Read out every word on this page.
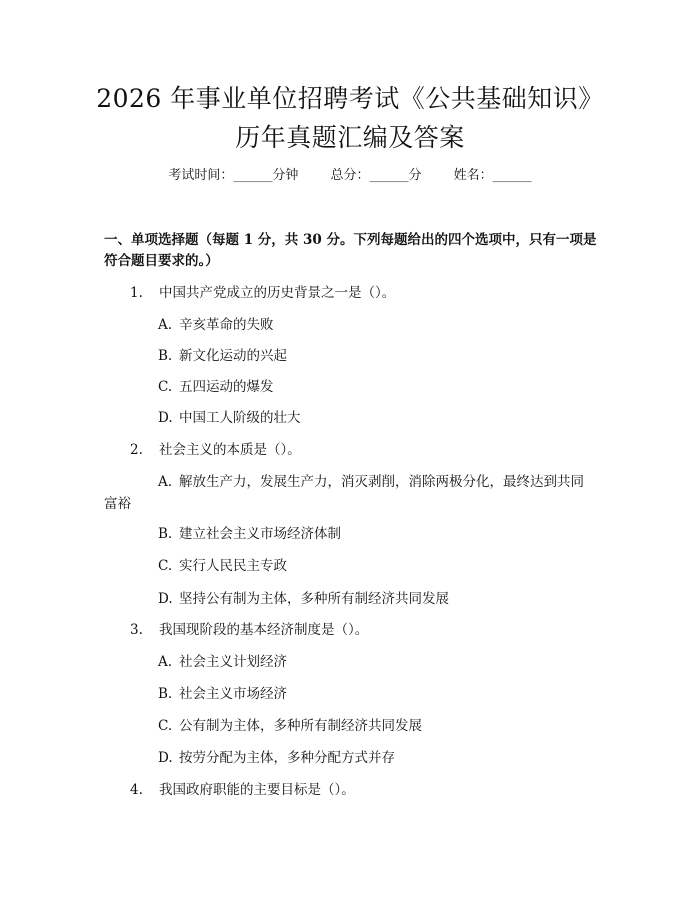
2026 年事业单位招聘考试《公共基础知识》
历年真题汇编及答案
考试时间：______分钟 总分：______分 姓名：______
一、单项选择题（每题 1 分，共 30 分。下列每题给出的四个选项中，只有一项是
符合题目要求的。）
1. 中国共产党成立的历史背景之一是（）。
A. 辛亥革命的失败
B. 新文化运动的兴起
C. 五四运动的爆发
D. 中国工人阶级的壮大
2. 社会主义的本质是（）。
A. 解放生产力，发展生产力，消灭剥削，消除两极分化，最终达到共同
富裕
B. 建立社会主义市场经济体制
C. 实行人民民主专政
D. 坚持公有制为主体，多种所有制经济共同发展
3. 我国现阶段的基本经济制度是（）。
A. 社会主义计划经济
B. 社会主义市场经济
C. 公有制为主体，多种所有制经济共同发展
D. 按劳分配为主体，多种分配方式并存
4. 我国政府职能的主要目标是（）。
